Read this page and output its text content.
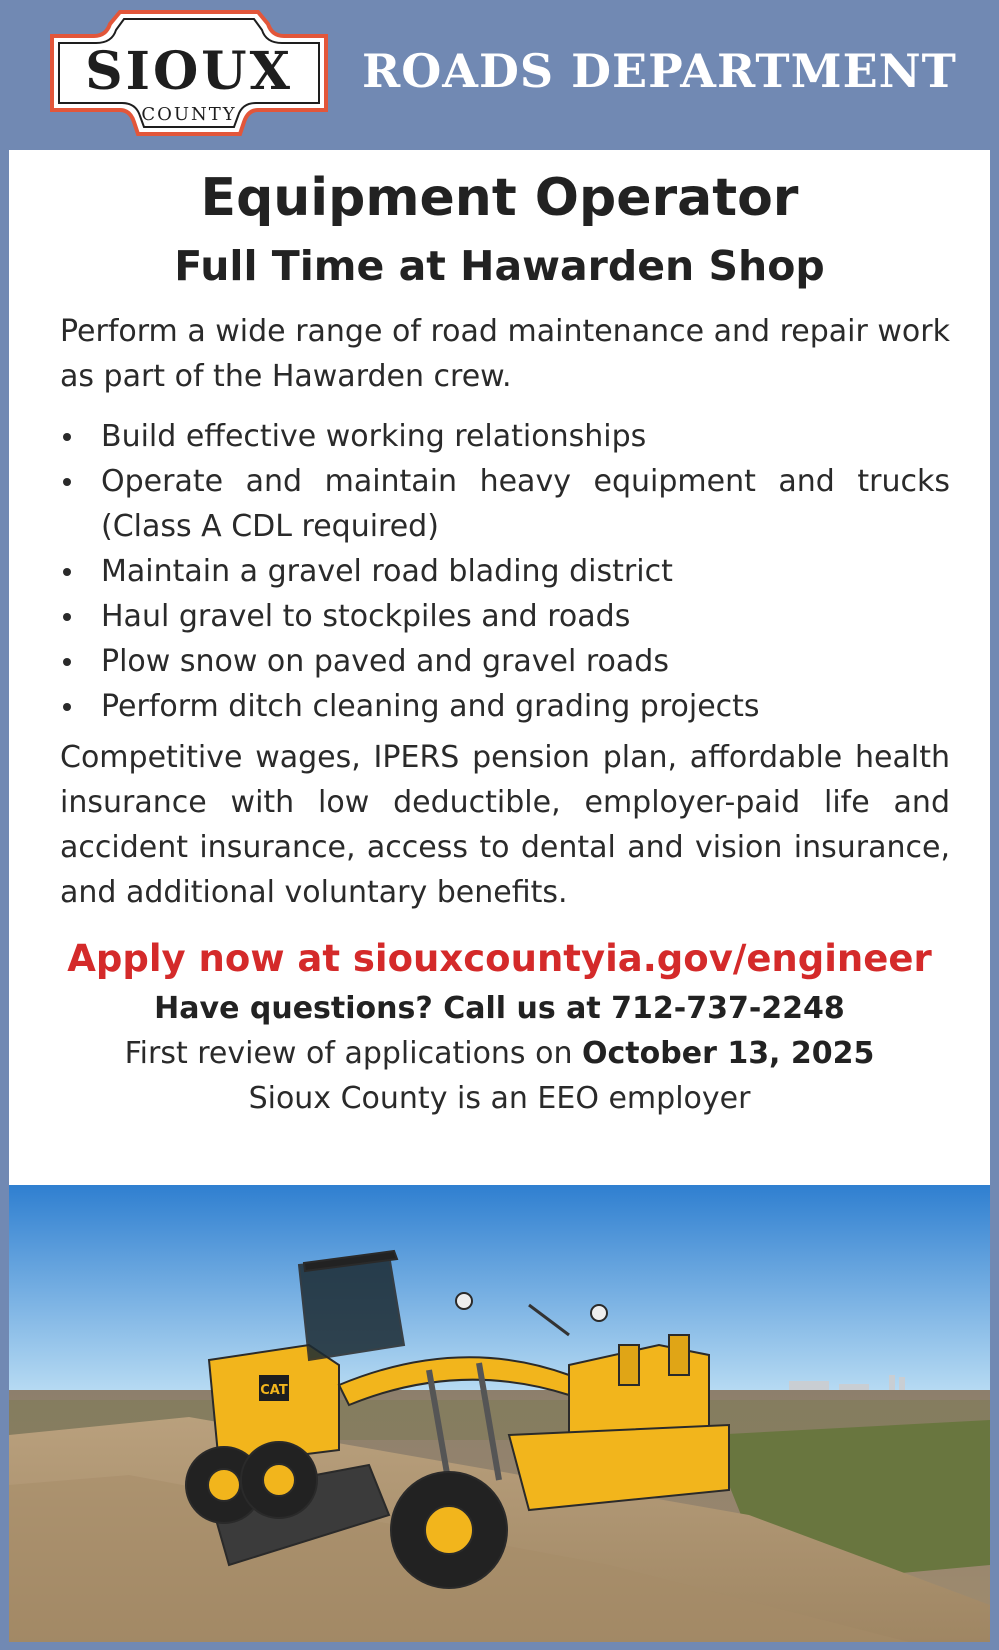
SIOUX
COUNTY
ROADS DEPARTMENT
Equipment Operator
Full Time at Hawarden Shop

Perform a wide range of road maintenance and repair work as part of the Hawarden crew.

Build effective working relationships
Operate and maintain heavy equipment and trucks (Class A CDL required)
Maintain a gravel road blading district
Haul gravel to stockpiles and roads
Plow snow on paved and gravel roads
Perform ditch cleaning and grading projects

Competitive wages, IPERS pension plan, affordable health insurance with low deductible, employer-paid life and accident insurance, access to dental and vision insurance, and additional voluntary benefits.

Apply now at siouxcountyia.gov/engineer
Have questions? Call us at 712-737-2248
First review of applications on October 13, 2025
Sioux County is an EEO employer
CAT
